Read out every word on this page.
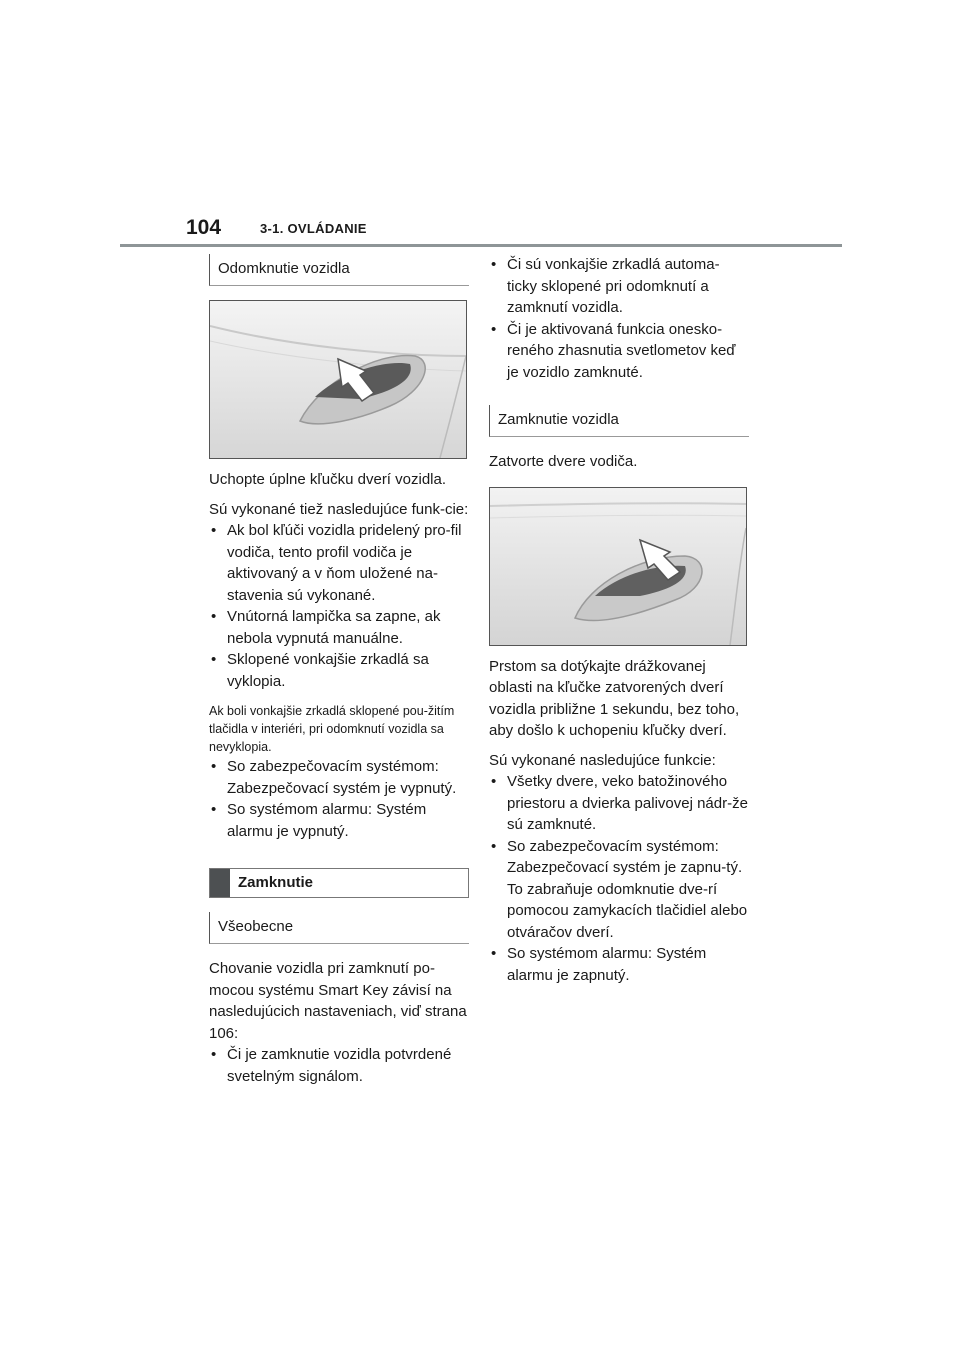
104	3-1. OVLÁDANIE
Odomknutie vozidla

Uchopte úplne kľučku dverí vozidla.

Sú vykonané tiež nasledujúce funk-cie:

• Ak bol kľúči vozidla pridelený pro-fil vodiča, tento profil vodiča je aktivovaný a v ňom uložené na-stavenia sú vykonané.
• Vnútorná lampička sa zapne, ak nebola vypnutá manuálne.
• Sklopené vonkajšie zrkadlá sa vyklopia.

Ak boli vonkajšie zrkadlá sklopené pou-žitím tlačidla v interiéri, pri odomknutí vozidla sa nevyklopia.

• So zabezpečovacím systémom: Zabezpečovací systém je vypnutý.
• So systémom alarmu: Systém alarmu je vypnutý.
Zamknutie
Všeobecne

Chovanie vozidla pri zamknutí po-mocou systému Smart Key závisí na nasledujúcich nastaveniach, viď strana 106:

• Či je zamknutie vozidla potvrdené svetelným signálom.
• Či sú vonkajšie zrkadlá automa-ticky sklopené pri odomknutí a zamknutí vozidla.
• Či je aktivovaná funkcia onesko-reného zhasnutia svetlometov keď je vozidlo zamknuté.
Zamknutie vozidla

Zatvorte dvere vodiča.

Prstom sa dotýkajte drážkovanej oblasti na kľučke zatvorených dverí vozidla približne 1 sekundu, bez toho, aby došlo k uchopeniu kľučky dverí.

Sú vykonané nasledujúce funkcie:

• Všetky dvere, veko batožinového priestoru a dvierka palivovej nádr-že sú zamknuté.
• So zabezpečovacím systémom: Zabezpečovací systém je zapnu-tý. To zabraňuje odomknutie dve-rí pomocou zamykacích tlačidiel alebo otváračov dverí.
• So systémom alarmu: Systém alarmu je zapnutý.
